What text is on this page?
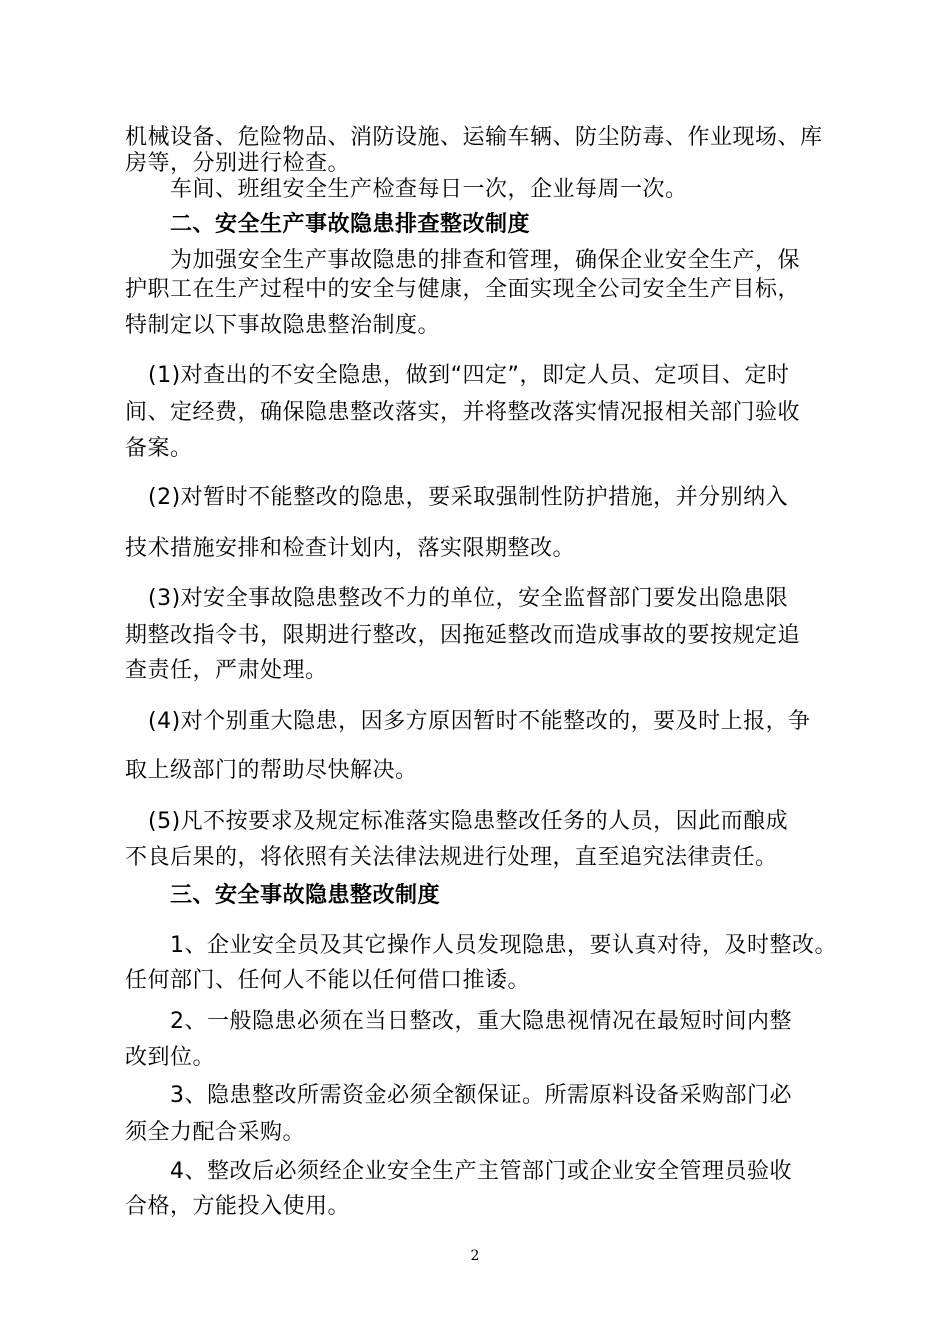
机械设备、危险物品、消防设施、运输车辆、防尘防毒、作业现场、库
房等，分别进行检查。
车间、班组安全生产检查每日一次，企业每周一次。
二、安全生产事故隐患排查整改制度
为加强安全生产事故隐患的排查和管理，确保企业安全生产，保
护职工在生产过程中的安全与健康，全面实现全公司安全生产目标，
特制定以下事故隐患整治制度。
(1)对查出的不安全隐患，做到“四定”，即定人员、定项目、定时
间、定经费，确保隐患整改落实，并将整改落实情况报相关部门验收
备案。
(2)对暂时不能整改的隐患，要采取强制性防护措施，并分别纳入
技术措施安排和检查计划内，落实限期整改。
(3)对安全事故隐患整改不力的单位，安全监督部门要发出隐患限
期整改指令书，限期进行整改，因拖延整改而造成事故的要按规定追
查责任，严肃处理。
(4)对个别重大隐患，因多方原因暂时不能整改的，要及时上报，争
取上级部门的帮助尽快解决。
(5)凡不按要求及规定标准落实隐患整改任务的人员，因此而酿成
不良后果的，将依照有关法律法规进行处理，直至追究法律责任。
三、安全事故隐患整改制度
1、企业安全员及其它操作人员发现隐患，要认真对待，及时整改。
任何部门、任何人不能以任何借口推诿。
2、一般隐患必须在当日整改，重大隐患视情况在最短时间内整
改到位。
3、隐患整改所需资金必须全额保证。所需原料设备采购部门必
须全力配合采购。
4、整改后必须经企业安全生产主管部门或企业安全管理员验收
合格，方能投入使用。
2
